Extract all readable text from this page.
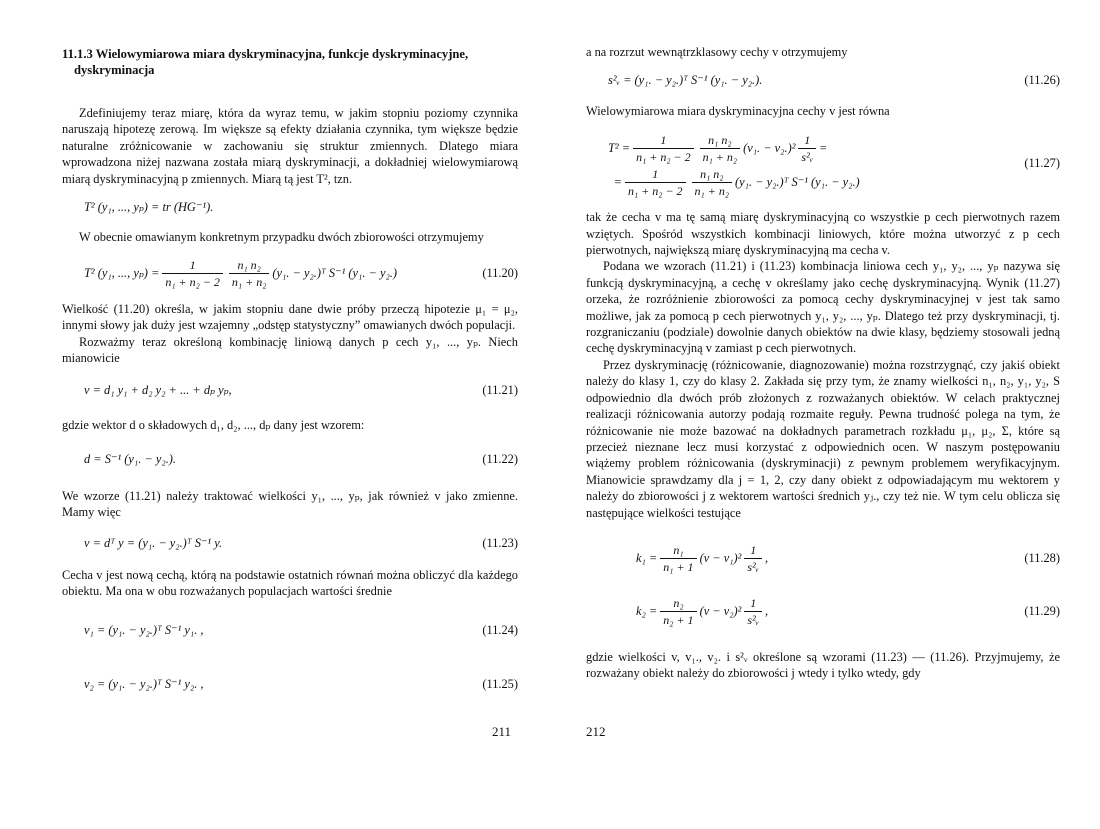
11.1.3 Wielowymiarowa miara dyskryminacyjna, funkcje dyskryminacyjne,
dyskryminacja

Zdefiniujemy teraz miarę, która da wyraz temu, w jakim stopniu poziomy czynnika naruszają hipotezę zerową. Im większe są efekty działania czynnika, tym większe będzie naturalne zróżnicowanie w zachowaniu się struktur zmiennych. Dlatego miara wprowadzona niżej nazwana została miarą dyskryminacji, a dokładniej wielowymiarową miarą dyskryminacyjną p zmiennych. Miarą tą jest T², tzn.

T² (y₁, ..., yₚ) = tr (HG⁻¹).

W obecnie omawianym konkretnym przypadku dwóch zbiorowości otrzymujemy

T² (y₁, ..., $y_p) = \frac{1}{\text{n₁ + n₂ − 2}} \frac{\text{n₁ n₂}}{\text{n₁ + n₂}} (y_1$. − y₂.)ᵀ S⁻¹ (y₁. − y₂.)	(11.20)

Wielkość (11.20) określa, w jakim stopniu dane dwie próby przeczą hipotezie μ₁ = μ₂, innymi słowy jak duży jest wzajemny „odstęp statystyczny” omawianych dwóch populacji.

Rozważmy teraz określoną kombinację liniową danych p cech y₁, ..., yₚ. Niech mianowicie

v = d₁ y₁ + d₂ y₂ + ... + dₚ yₚ,	(11.21)

gdzie wektor d o składowych d₁, d₂, ..., dₚ dany jest wzorem:

d = S⁻¹ (y₁. − y₂.).	(11.22)

We wzorze (11.21) należy traktować wielkości y₁, ..., yₚ, jak również v jako zmienne. Mamy więc

v = dᵀ y = (y₁. − y₂.)ᵀ S⁻¹ y.	(11.23)

Cecha v jest nową cechą, którą na podstawie ostatnich równań można obliczyć dla każdego obiektu. Ma ona w obu rozważanych populacjach wartości średnie

v₁ = (y₁. − y₂.)ᵀ S⁻¹ y₁. ,	(11.24)
v₂ = (y₁. − y₂.)ᵀ S⁻¹ y₂. ,	(11.25)
211

a na rozrzut wewnątrzklasowy cechy v otrzymujemy

s²ᵥ = (y₁. − y₂.)ᵀ S⁻¹ (y₁. − y₂.).	(11.26)

Wielowymiarowa miara dyskryminacyjna cechy v jest równa

$T^2 = \frac{1}{\text{n₁ + n₂ − 2}} \frac{\text{n₁ n₂}}{\text{n₁ + n₂}} (v_1$. − $v_2.)^2 \frac{1}{\text{s²ᵥ}}$ =
= $\frac{1}{\text{n₁ + n₂ − 2}} \frac{\text{n₁ n₂}}{\text{n₁ + n₂}} (y_1$. − y₂.)ᵀ S⁻¹ (y₁. − y₂.)
(11.27)

tak że cecha v ma tę samą miarę dyskryminacyjną co wszystkie p cech pierwotnych razem wziętych. Spośród wszystkich kombinacji liniowych, które można utworzyć z p cech pierwotnych, największą miarę dyskryminacyjną ma cecha v.

Podana we wzorach (11.21) i (11.23) kombinacja liniowa cech y₁, y₂, ..., yₚ nazywa się funkcją dyskryminacyjną, a cechę v określamy jako cechę dyskryminacyjną. Wynik (11.27) orzeka, że rozróżnienie zbiorowości za pomocą cechy dyskryminacyjnej v jest tak samo możliwe, jak za pomocą p cech pierwotnych y₁, y₂, ..., yₚ. Dlatego też przy dyskryminacji, tj. rozgraniczaniu (podziale) dowolnie danych obiektów na dwie klasy, będziemy stosowali jedną cechę dyskryminacyjną v zamiast p cech pierwotnych.

Przez dyskryminację (różnicowanie, diagnozowanie) można rozstrzygnąć, czy jakiś obiekt należy do klasy 1, czy do klasy 2. Zakłada się przy tym, że znamy wielkości n₁, n₂, y₁, y₂, S odpowiednio dla dwóch prób złożonych z rozważanych obiektów. W celach praktycznej realizacji różnicowania autorzy podają rozmaite reguły. Pewna trudność polega na tym, że różnicowanie nie może bazować na dokładnych parametrach rozkładu μ₁, μ₂, Σ, które są przecież nieznane lecz musi korzystać z odpowiednich ocen. W naszym postępowaniu wiążemy problem różnicowania (dyskryminacji) z pewnym problemem weryfikacyjnym. Mianowicie sprawdzamy dla j = 1, 2, czy dany obiekt z odpowiadającym mu wektorem y należy do zbiorowości j z wektorem wartości średnich yⱼ., czy też nie. W tym celu oblicza się następujące wielkości testujące

$k_1 = \frac{\text{n₁}}{\text{n₁ + 1}} (v - v_1)^2 \frac{1}{\text{s²ᵥ}}$ ,	(11.28)
$k_2 = \frac{\text{n₂}}{\text{n₂ + 1}} (v - v_2)^2 \frac{1}{\text{s²ᵥ}}$ ,	(11.29)

gdzie wielkości v, v₁., v₂. i s²ᵥ określone są wzorami (11.23) — (11.26). Przyjmujemy, że rozważany obiekt należy do zbiorowości j wtedy i tylko wtedy, gdy

212
